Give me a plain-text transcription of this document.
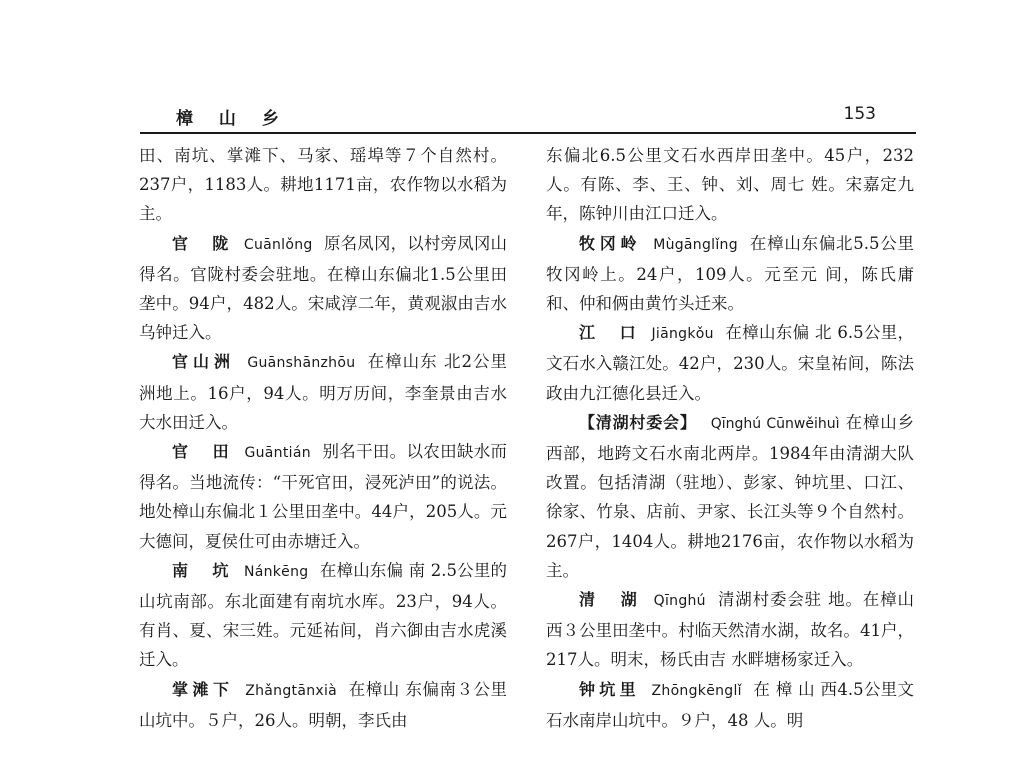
樟 山 乡	153

田、南坑、掌滩下、马家、瑶埠等７个自然村。237户，1183人。耕地1171亩，农作物以水稻为主。

官　陇 Cuānlǒng 原名凤冈，以村旁凤冈山得名。官陇村委会驻地。在樟山东偏北1.5公里田垄中。94户，482人。宋咸淳二年，黄观淑由吉水乌钟迁入。

官山洲 Guānshānzhōu 在樟山东 北2公里洲地上。16户，94人。明万历间，李奎景由吉水大水田迁入。

官　田 Guāntián 别名干田。以农田缺水而得名。当地流传：“干死官田，浸死泸田”的说法。地处樟山东偏北１公里田垄中。44户，205人。元大德间，夏侯仕可由赤塘迁入。

南　坑 Nánkēng 在樟山东偏 南 2.5公里的山坑南部。东北面建有南坑水库。23户，94人。有肖、夏、宋三姓。元延祐间，肖六御由吉水虎溪迁入。

掌滩下 Zhǎngtānxià 在樟山 东偏南３公里山坑中。５户，26人。明朝，李氏由

东偏北6.5公里文石水西岸田垄中。45户，232人。有陈、李、王、钟、刘、周七 姓。宋嘉定九年，陈钟川由江口迁入。

牧冈岭 Mùgānglǐng 在樟山东偏北5.5公里牧冈岭上。24户，109人。元至元 间，陈氏庸和、仲和俩由黄竹头迁来。

江　口 Jiāngkǒu 在樟山东偏 北 6.5公里，文石水入赣江处。42户，230人。宋皇祐间，陈法政由九江德化县迁入。

【清湖村委会】 Qīnghú Cūnwěihuì 在樟山乡西部，地跨文石水南北两岸。1984年由清湖大队改置。包括清湖（驻地）、彭家、钟坑里、口江、徐家、竹泉、店前、尹家、长江头等９个自然村。267户，1404人。耕地2176亩，农作物以水稻为主。

清　湖 Qīnghú 清湖村委会驻 地。在樟山西３公里田垄中。村临天然清水湖，故名。41户，217人。明末，杨氏由吉 水畔塘杨家迁入。

钟坑里 Zhōngkēnglǐ 在 樟 山 西4.5公里文石水南岸山坑中。９户，48 人。明
